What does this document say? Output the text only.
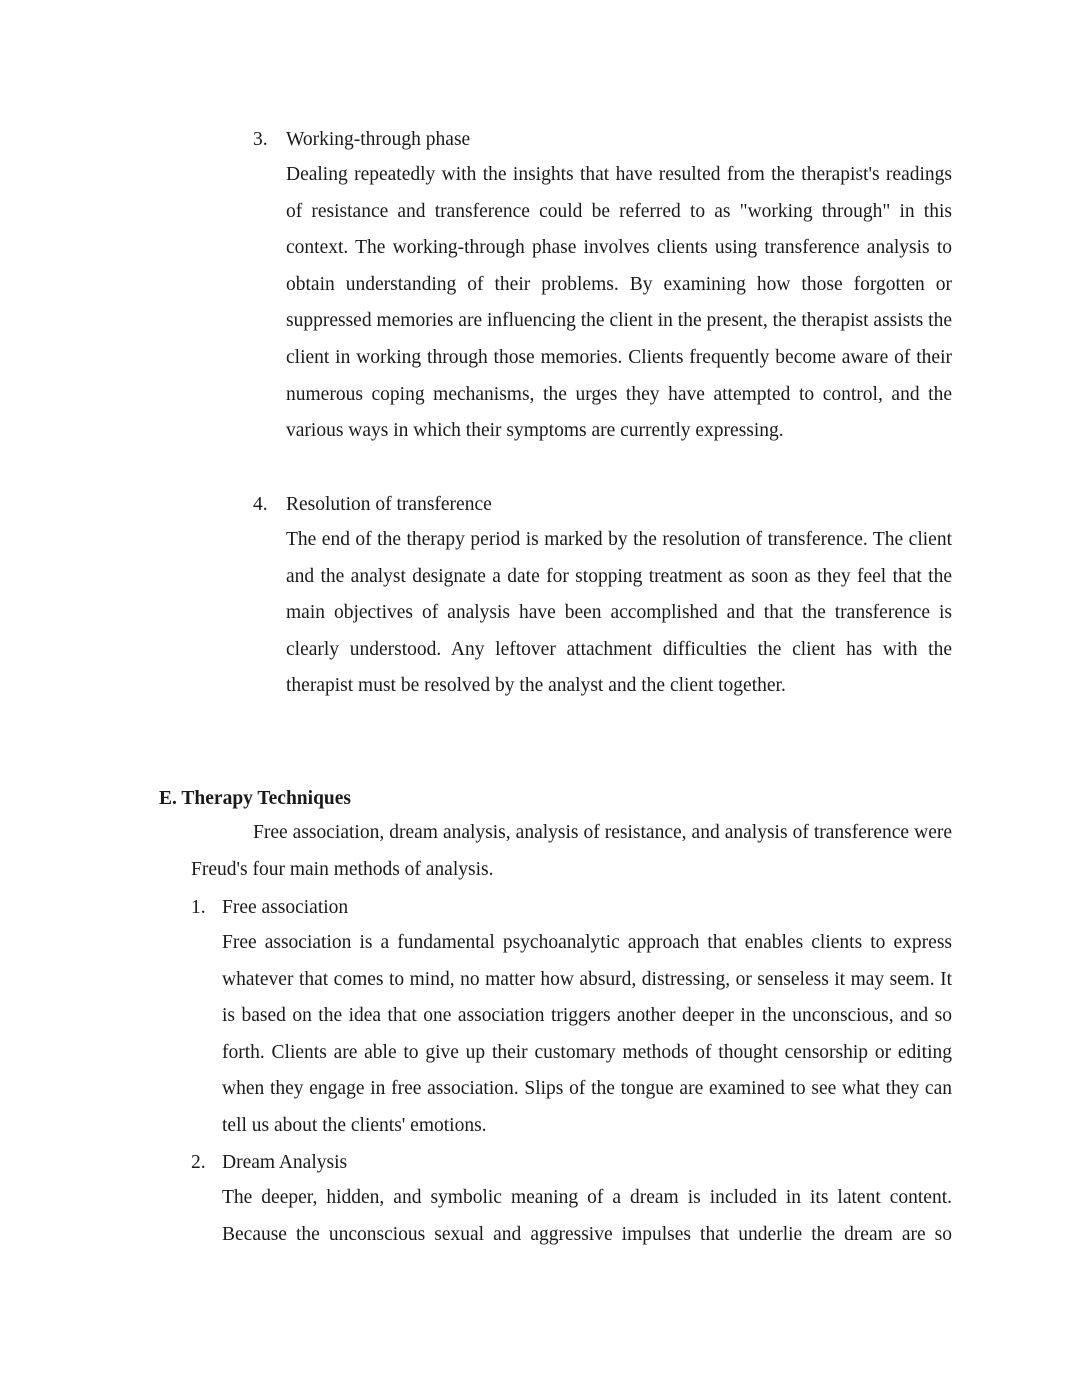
3. Working-through phase

Dealing repeatedly with the insights that have resulted from the therapist's readings of resistance and transference could be referred to as "working through" in this context. The working-through phase involves clients using transference analysis to obtain understanding of their problems. By examining how those forgotten or suppressed memories are influencing the client in the present, the therapist assists the client in working through those memories. Clients frequently become aware of their numerous coping mechanisms, the urges they have attempted to control, and the various ways in which their symptoms are currently expressing.

4. Resolution of transference

The end of the therapy period is marked by the resolution of transference. The client and the analyst designate a date for stopping treatment as soon as they feel that the main objectives of analysis have been accomplished and that the transference is clearly understood. Any leftover attachment difficulties the client has with the therapist must be resolved by the analyst and the client together.

E. Therapy Techniques

Free association, dream analysis, analysis of resistance, and analysis of transference were Freud's four main methods of analysis.

1. Free association

Free association is a fundamental psychoanalytic approach that enables clients to express whatever that comes to mind, no matter how absurd, distressing, or senseless it may seem. It is based on the idea that one association triggers another deeper in the unconscious, and so forth. Clients are able to give up their customary methods of thought censorship or editing when they engage in free association. Slips of the tongue are examined to see what they can tell us about the clients' emotions.

2. Dream Analysis

The deeper, hidden, and symbolic meaning of a dream is included in its latent content. Because the unconscious sexual and aggressive impulses that underlie the dream are so
